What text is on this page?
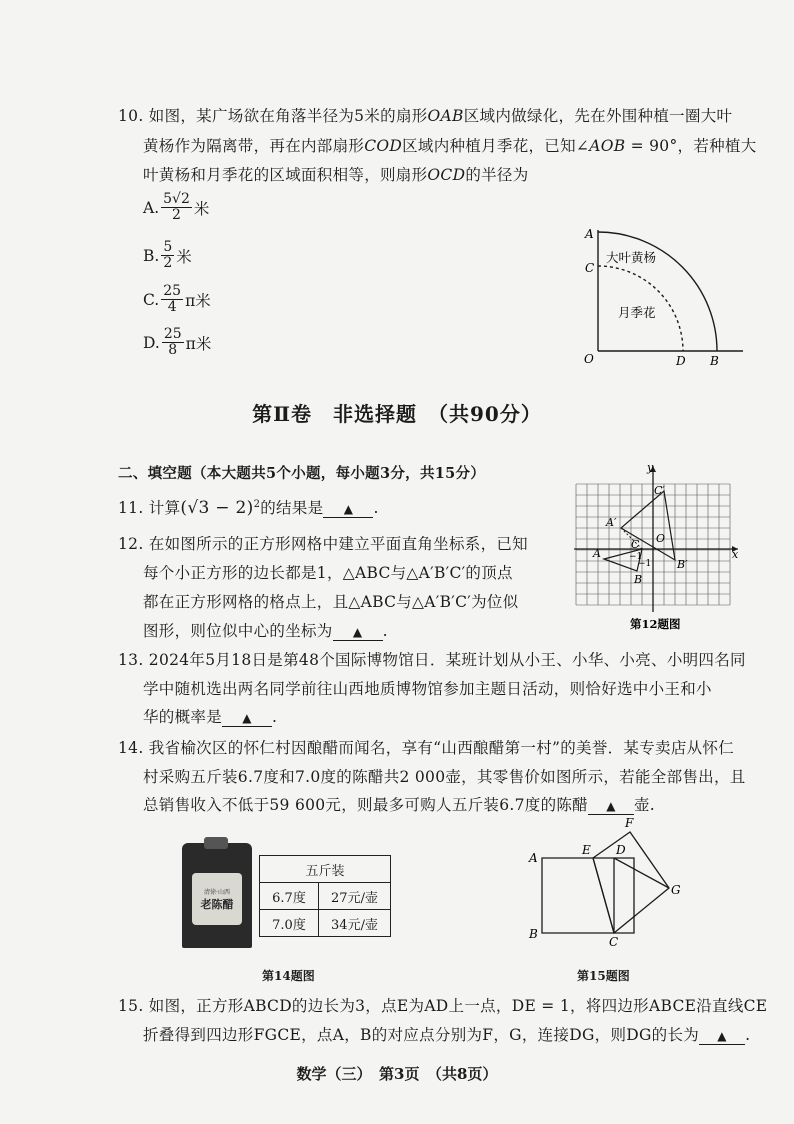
10. 如图，某广场欲在角落半径为5米的扇形OAB区域内做绿化，先在外围种植一圈大叶
黄杨作为隔离带，再在内部扇形COD区域内种植月季花，已知∠AOB = 90°，若种植大
叶黄杨和月季花的区域面积相等，则扇形OCD的半径为
A. $\frac{5√2}{2}$ 米
B. $\frac{5}{2}$ 米
C. $\frac{25}{4}$ π米
D. $\frac{25}{8}$ π米
A
C
O	D B
大叶黄杨
月季花
第Ⅱ卷　非选择题　（共90分）
二、填空题（本大题共5个小题，每小题3分，共15分）
11. 计算$(√3 - 2)^2$的结果是 ▲ .
12. 在如图所示的正方形网格中建立平面直角坐标系，已知
每个小正方形的边长都是1，△ABC与△A′B′C′的顶点
都在正方形网格的格点上，且△ABC与△A′B′C′为位似
图形，则位似中心的坐标为 ▲ .
x
y
O
A
B
C
A′
B′
C′
−1
−1
第12题图
13. 2024年5月18日是第48个国际博物馆日．某班计划从小王、小华、小亮、小明四名同
学中随机选出两名同学前往山西地质博物馆参加主题日活动，则恰好选中小王和小
华的概率是 ▲ .
14. 我省榆次区的怀仁村因酿醋而闻名，享有“山西酿醋第一村”的美誉．某专卖店从怀仁
村采购五斤装6.7度和7.0度的陈醋共2 000壶，其零售价如图所示，若能全部售出，且
总销售收入不低于59 600元，则最多可购人五斤装6.7度的陈醋 ▲ 壶.
清徐·山西
老陈醋
五斤装	
6.7度	27元/壶
7.0度	34元/壶
第14题图
A
B
C
D
E
F
G
第15题图
15. 如图，正方形ABCD的边长为3，点E为AD上一点，DE = 1，将四边形ABCE沿直线CE
折叠得到四边形FGCE，点A，B的对应点分别为F，G，连接DG，则DG的长为 ▲ .
数学（三）　第3页　（共8页）
